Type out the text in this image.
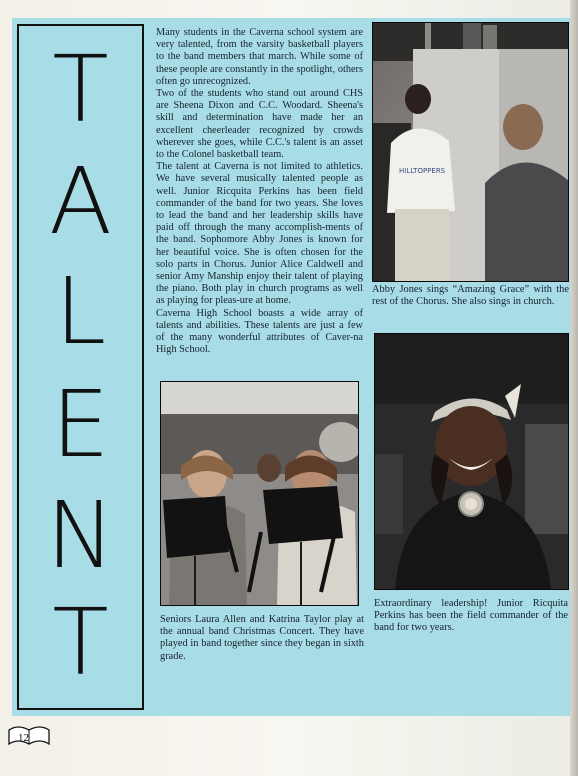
T
A
L
E
N
T

Many students in the Caverna school system are very talented, from the varsity basketball players to the band members that march. While some of these people are constantly in the spotlight, others often go unrecognized.

Two of the students who stand out around CHS are Sheena Dixon and C.C. Woodard. Sheena's skill and determination have made her an excellent cheerleader recognized by crowds wherever she goes, while C.C.'s talent is an asset to the Colonel basketball team.

The talent at Caverna is not limited to athletics. We have several musically talented people as well. Junior Ricquita Perkins has been field commander of the band for two years. She loves to lead the band and her leadership skills have paid off through the many accomplish-ments of the band. Sophomore Abby Jones is known for her beautiful voice. She is often chosen for the solo parts in Chorus. Junior Alice Caldwell and senior Amy Manship enjoy their talent of playing the piano. Both play in church programs as well as playing for pleas-ure at home.

Caverna High School boasts a wide array of talents and abilities. These talents are just a few of the many wonderful attributes of Caver-na High School.

HILLTOPPERS
Abby Jones sings “Amazing Grace” with the rest of the Chorus. She also sings in church.
Seniors Laura Allen and Katrina Taylor play at the annual band Christmas Concert. They have played in band together since they began in sixth grade.
Extraordinary leadership! Junior Ricquita Perkins has been the field commander of the band for two years.
12
